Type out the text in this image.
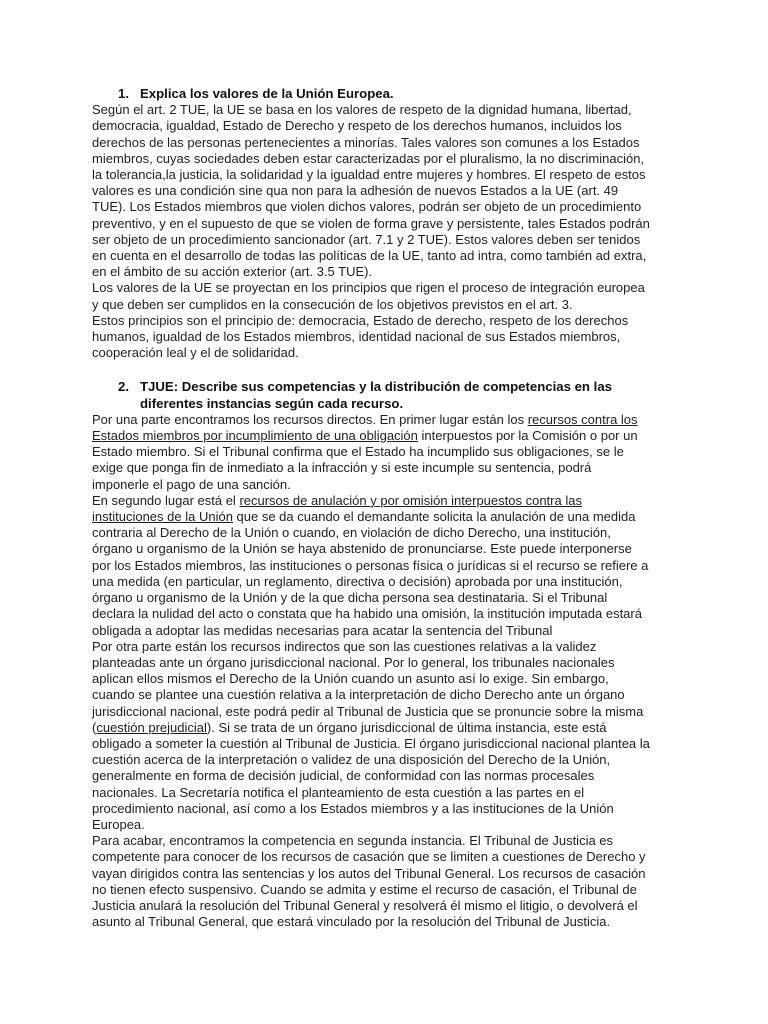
1. Explica los valores de la Unión Europea.

Según el art. 2 TUE, la UE se basa en los valores de respeto de la dignidad humana, libertad, democracia, igualdad, Estado de Derecho y respeto de los derechos humanos, incluidos los derechos de las personas pertenecientes a minorías. Tales valores son comunes a los Estados miembros, cuyas sociedades deben estar caracterizadas por el pluralismo, la no discriminación, la tolerancia,la justicia, la solidaridad y la igualdad entre mujeres y hombres. El respeto de estos valores es una condición sine qua non para la adhesión de nuevos Estados a la UE (art. 49 TUE). Los Estados miembros que violen dichos valores, podrán ser objeto de un procedimiento preventivo, y en el supuesto de que se violen de forma grave y persistente, tales Estados podrán ser objeto de un procedimiento sancionador (art. 7.1 y 2 TUE). Estos valores deben ser tenidos en cuenta en el desarrollo de todas las políticas de la UE, tanto ad intra, como también ad extra, en el ámbito de su acción exterior (art. 3.5 TUE).

Los valores de la UE se proyectan en los principios que rigen el proceso de integración europea y que deben ser cumplidos en la consecución de los objetivos previstos en el art. 3.

Estos principios son el principio de: democracia, Estado de derecho, respeto de los derechos humanos, igualdad de los Estados miembros, identidad nacional de sus Estados miembros, cooperación leal y el de solidaridad.

2. TJUE: Describe sus competencias y la distribución de competencias en las diferentes instancias según cada recurso.

Por una parte encontramos los recursos directos. En primer lugar están los recursos contra los Estados miembros por incumplimiento de una obligación interpuestos por la Comisión o por un Estado miembro. Si el Tribunal confirma que el Estado ha incumplido sus obligaciones, se le exige que ponga fin de inmediato a la infracción y si este incumple su sentencia, podrá imponerle el pago de una sanción.

En segundo lugar está el recursos de anulación y por omisión interpuestos contra las instituciones de la Unión que se da cuando el demandante solicita la anulación de una medida contraria al Derecho de la Unión o cuando, en violación de dicho Derecho, una institución, órgano u organismo de la Unión se haya abstenido de pronunciarse. Este puede interponerse por los Estados miembros, las instituciones o personas física o jurídicas si el recurso se refiere a una medida (en particular, un reglamento, directiva o decisión) aprobada por una institución, órgano u organismo de la Unión y de la que dicha persona sea destinataria. Si el Tribunal declara la nulidad del acto o constata que ha habido una omisión, la institución imputada estará obligada a adoptar las medidas necesarias para acatar la sentencia del Tribunal

Por otra parte están los recursos indirectos que son las cuestiones relativas a la validez planteadas ante un órgano jurisdiccional nacional. Por lo general, los tribunales nacionales aplican ellos mismos el Derecho de la Unión cuando un asunto así lo exige. Sin embargo, cuando se plantee una cuestión relativa a la interpretación de dicho Derecho ante un órgano jurisdiccional nacional, este podrá pedir al Tribunal de Justicia que se pronuncie sobre la misma (cuestión prejudicial). Si se trata de un órgano jurisdiccional de última instancia, este está obligado a someter la cuestión al Tribunal de Justicia. El órgano jurisdiccional nacional plantea la cuestión acerca de la interpretación o validez de una disposición del Derecho de la Unión, generalmente en forma de decisión judicial, de conformidad con las normas procesales nacionales. La Secretaría notifica el planteamiento de esta cuestión a las partes en el procedimiento nacional, así como a los Estados miembros y a las instituciones de la Unión Europea.

Para acabar, encontramos la competencia en segunda instancia. El Tribunal de Justicia es competente para conocer de los recursos de casación que se limiten a cuestiones de Derecho y vayan dirigidos contra las sentencias y los autos del Tribunal General. Los recursos de casación no tienen efecto suspensivo. Cuando se admita y estime el recurso de casación, el Tribunal de Justicia anulará la resolución del Tribunal General y resolverá él mismo el litigio, o devolverá el asunto al Tribunal General, que estará vinculado por la resolución del Tribunal de Justicia.
